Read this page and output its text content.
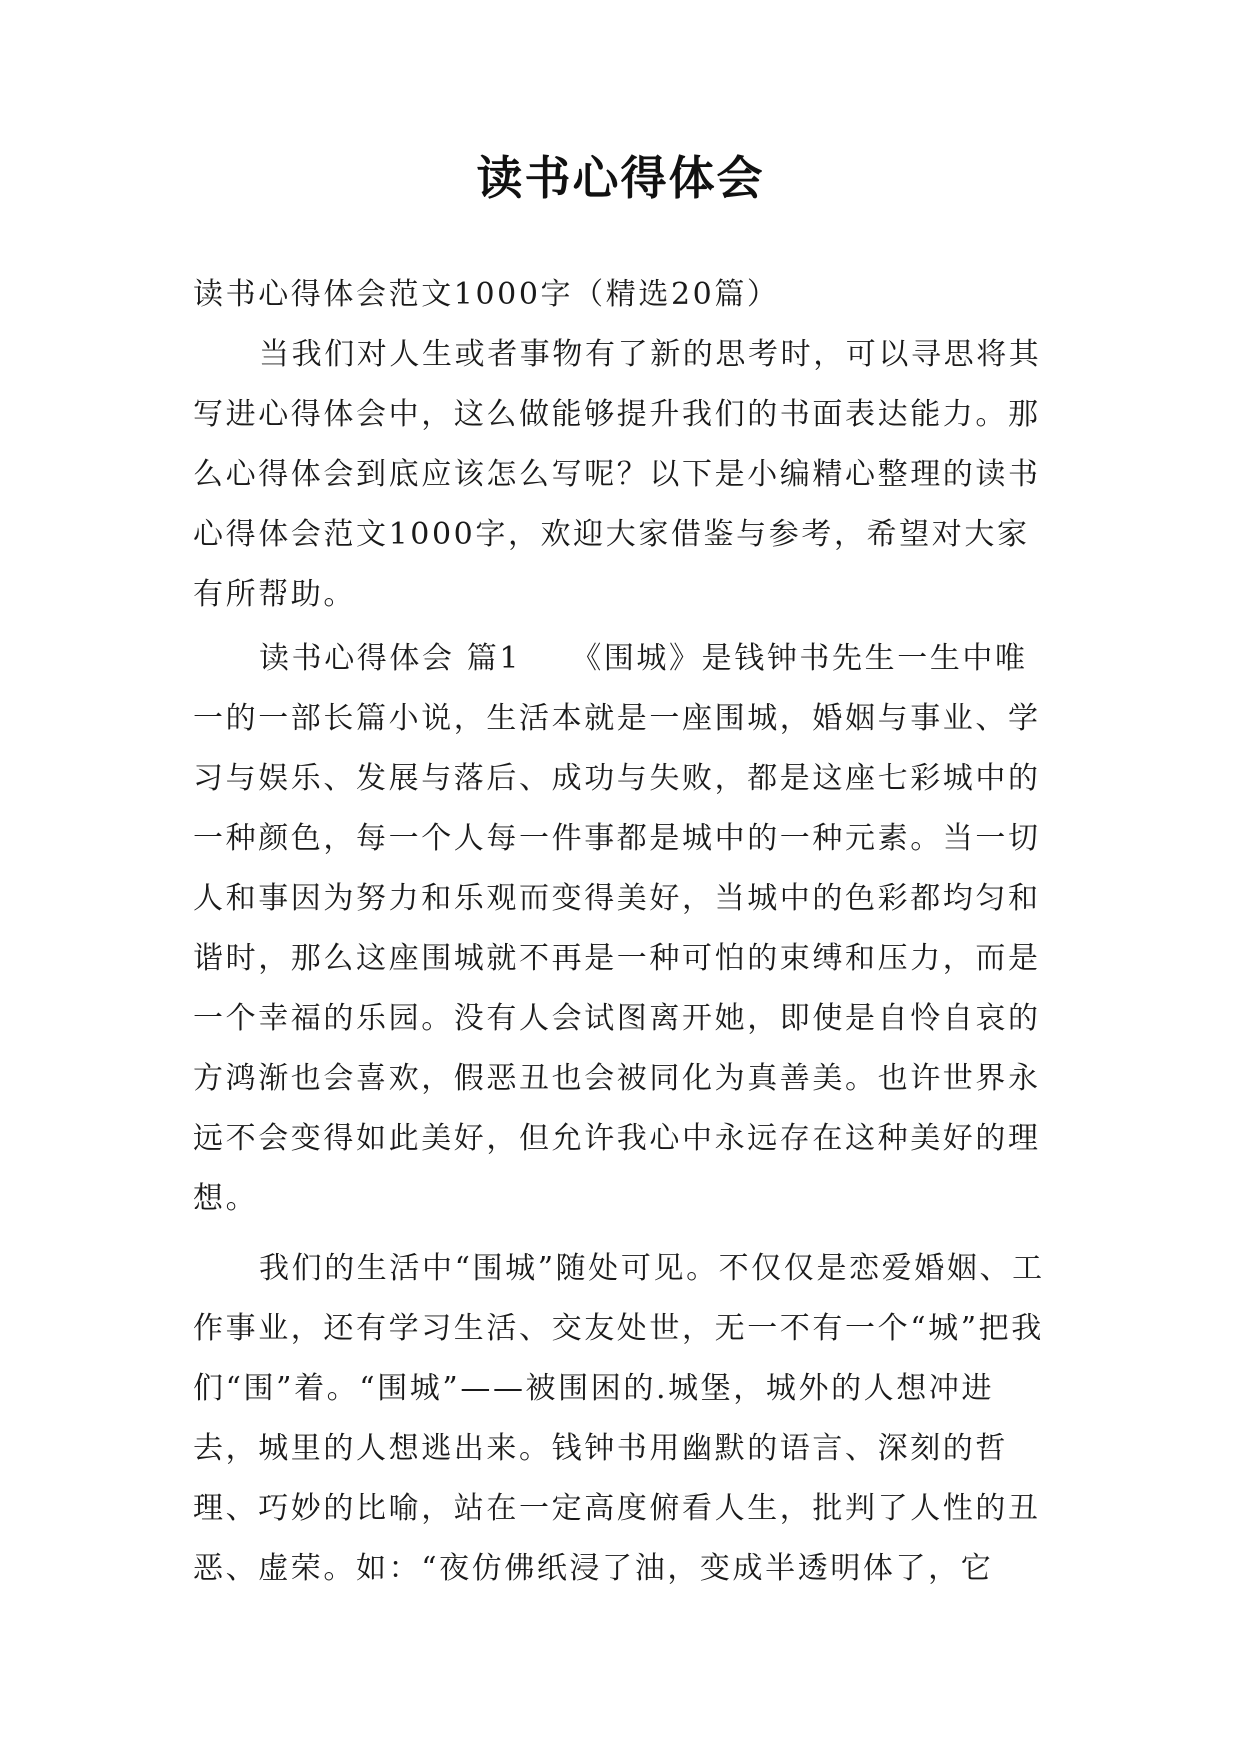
读书心得体会

读书心得体会范文1000字（精选20篇）

当我们对人生或者事物有了新的思考时，可以寻思将其写进心得体会中，这么做能够提升我们的书面表达能力。那么心得体会到底应该怎么写呢？以下是小编精心整理的读书心得体会范文1000字，欢迎大家借鉴与参考，希望对大家有所帮助。

读书心得体会 篇1　　《围城》是钱钟书先生一生中唯一的一部长篇小说，生活本就是一座围城，婚姻与事业、学习与娱乐、发展与落后、成功与失败，都是这座七彩城中的一种颜色，每一个人每一件事都是城中的一种元素。当一切人和事因为努力和乐观而变得美好，当城中的色彩都均匀和谐时，那么这座围城就不再是一种可怕的束缚和压力，而是一个幸福的乐园。没有人会试图离开她，即使是自怜自哀的方鸿渐也会喜欢，假恶丑也会被同化为真善美。也许世界永远不会变得如此美好，但允许我心中永远存在这种美好的理想。

我们的生活中“围城”随处可见。不仅仅是恋爱婚姻、工作事业，还有学习生活、交友处世，无一不有一个“城”把我们“围”着。“围城”——被围困的.城堡，城外的人想冲进去，城里的人想逃出来。钱钟书用幽默的语言、深刻的哲理、巧妙的比喻，站在一定高度俯看人生，批判了人性的丑恶、虚荣。如：“夜仿佛纸浸了油，变成半透明体了，它
